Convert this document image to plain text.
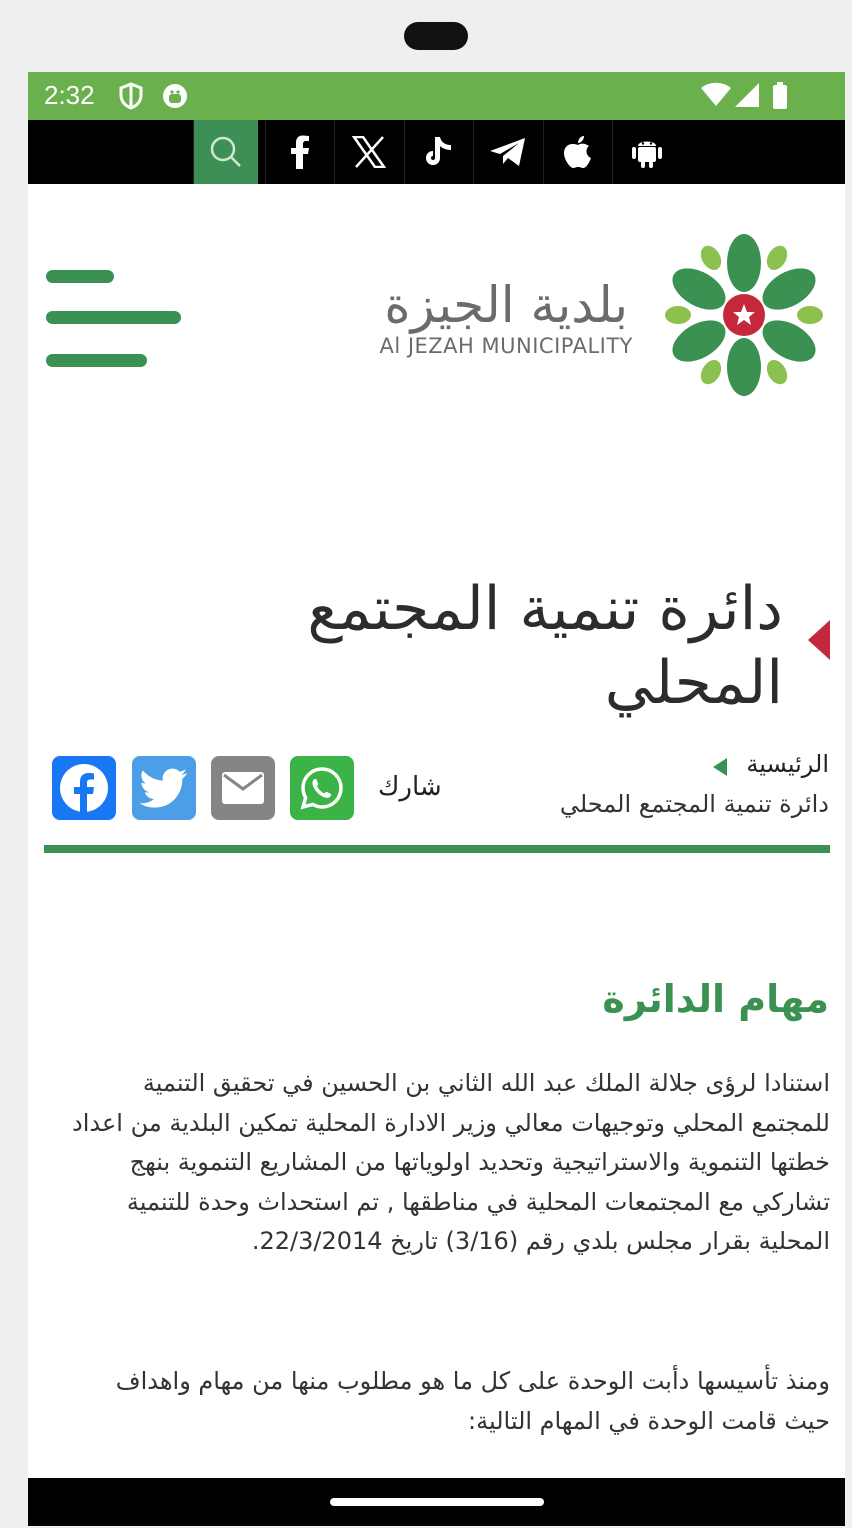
2:32
بلدية الجيزة
Al JEZAH MUNICIPALITY
دائرة تنمية المجتمع المحلي
الرئيسية
دائرة تنمية المجتمع المحلي
شارك
مهام الدائرة
استنادا لرؤى جلالة الملك عبد الله الثاني بن الحسين في تحقيق التنمية للمجتمع المحلي وتوجيهات معالي وزير الادارة المحلية تمكين البلدية من اعداد خطتها التنموية والاستراتيجية وتحديد اولوياتها من المشاريع التنموية بنهج تشاركي مع المجتمعات المحلية في مناطقها , تم استحداث وحدة للتنمية المحلية بقرار مجلس بلدي رقم (3/16) تاريخ 22/3/2014.
ومنذ تأسيسها دأبت الوحدة على كل ما هو مطلوب منها من مهام واهداف حيث قامت الوحدة في المهام التالية:
